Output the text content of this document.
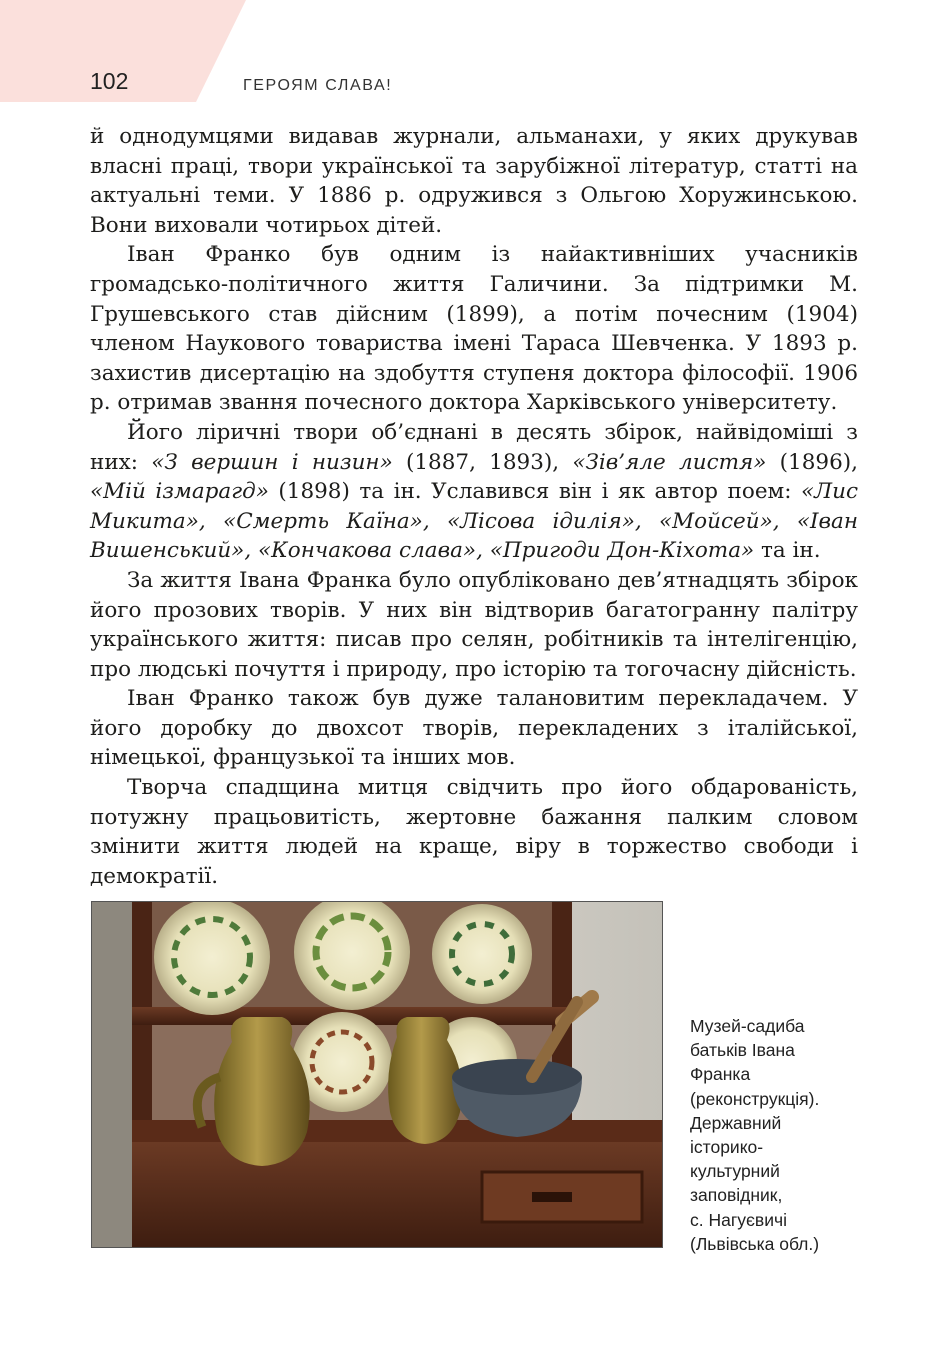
102	ГЕРОЯМ СЛАВА!

й однодумцями видавав журнали, альманахи, у яких друкував власні праці, твори української та зарубіжної літератур, статті на актуальні теми. У 1886 р. одружився з Ольгою Хоружинською. Вони виховали чотирьох дітей.

Іван Франко був одним із найактивніших учасників громадсько-політичного життя Галичини. За підтримки М. Грушевського став дійсним (1899), а потім почесним (1904) членом Наукового товариства імені Тараса Шевченка. У 1893 р. захистив дисертацію на здобуття ступеня доктора філософії. 1906 р. отримав звання почесного доктора Харківського університету.

Його ліричні твори об’єднані в десять збірок, найвідоміші з них: «З вершин і низин» (1887, 1893), «Зів’яле листя» (1896), «Мій ізмарагд» (1898) та ін. Уславився він і як автор поем: «Лис Микита», «Смерть Каїна», «Лісова ідилія», «Мойсей», «Іван Вишенський», «Кончакова слава», «Пригоди Дон-Кіхота» та ін.

За життя Івана Франка було опубліковано дев’ятнадцять збірок його прозових творів. У них він відтворив багатогранну палітру українського життя: писав про селян, робітників та інтелігенцію, про людські почуття і природу, про історію та тогочасну дійсність.

Іван Франко також був дуже талановитим перекладачем. У його доробку до двохсот творів, перекладених з італійської, німецької, французької та інших мов.

Творча спадщина митця свідчить про його обдарованість, потужну працьовитість, жертовне бажання палким словом змінити життя людей на краще, віру в торжество свободи і демократії.

Музей-садиба
батьків Івана
Франка
(реконструкція).
Державний
історико-
культурний
заповідник,
с. Нагуєвичі
(Львівська обл.)
